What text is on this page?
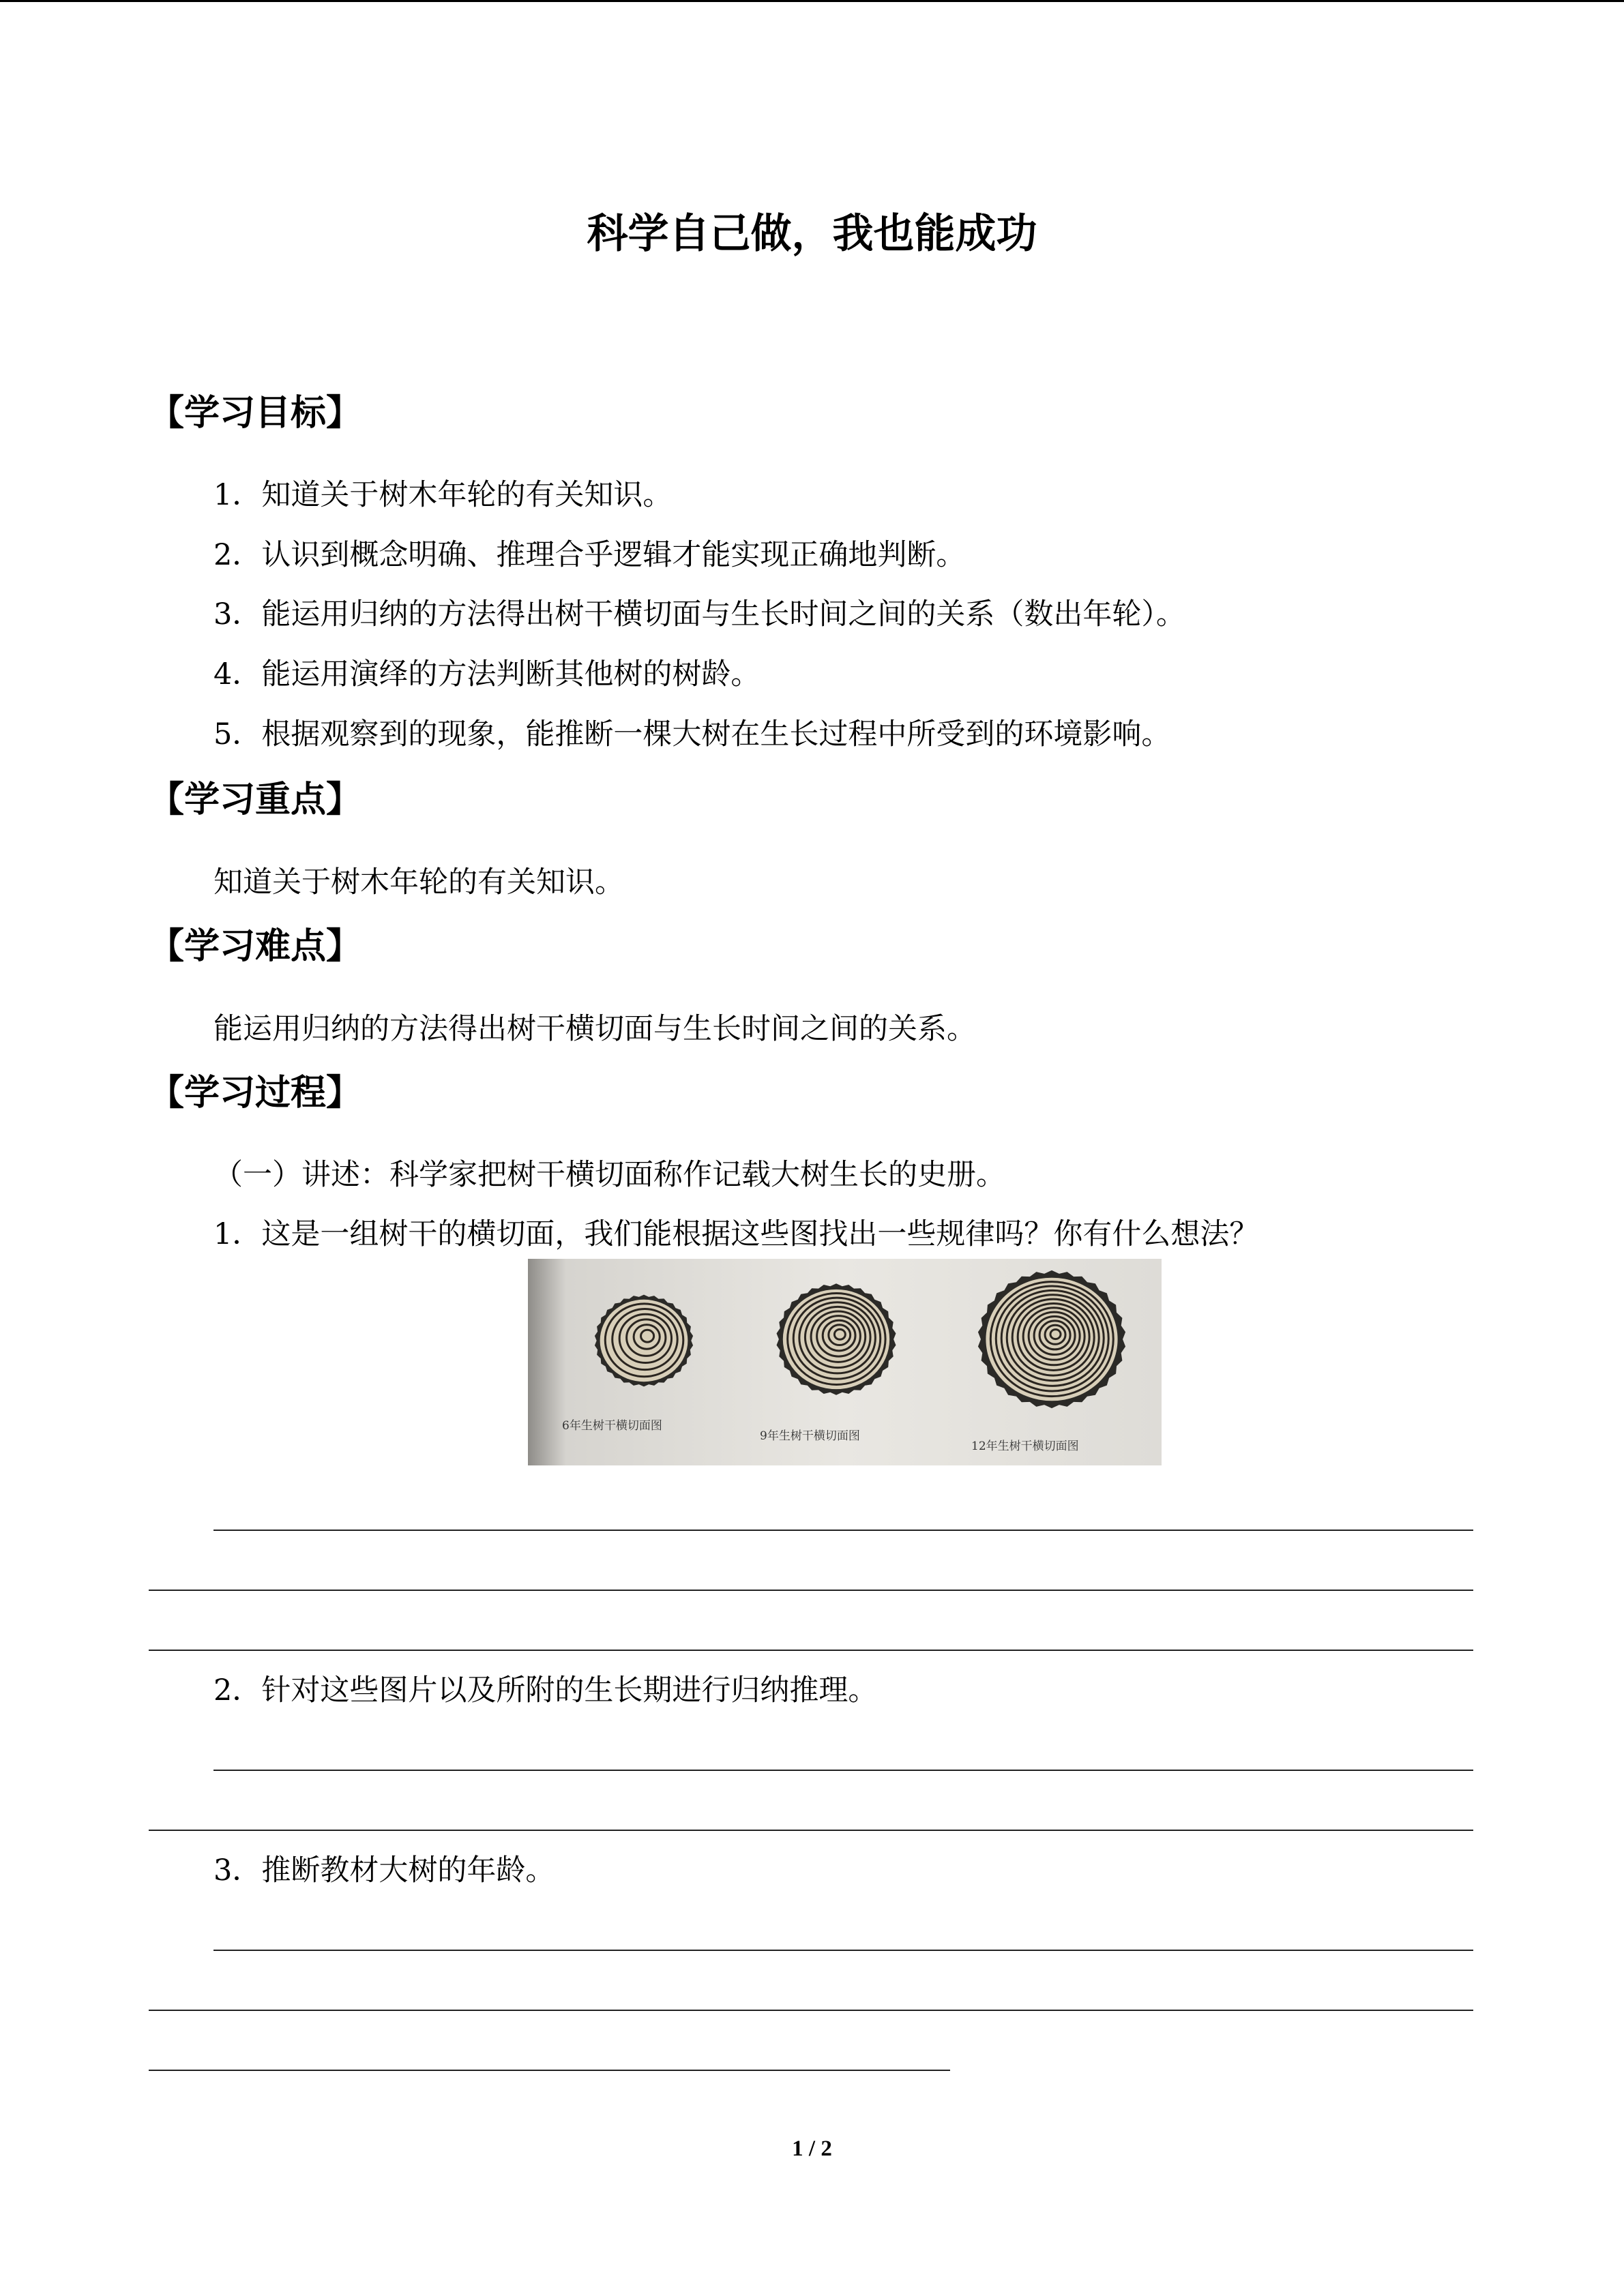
科学自己做，我也能成功
【学习目标】
1．知道关于树木年轮的有关知识。
2．认识到概念明确、推理合乎逻辑才能实现正确地判断。
3．能运用归纳的方法得出树干横切面与生长时间之间的关系（数出年轮）。
4．能运用演绎的方法判断其他树的树龄。
5．根据观察到的现象，能推断一棵大树在生长过程中所受到的环境影响。
【学习重点】
知道关于树木年轮的有关知识。
【学习难点】
能运用归纳的方法得出树干横切面与生长时间之间的关系。
【学习过程】
（一）讲述：科学家把树干横切面称作记载大树生长的史册。
1．这是一组树干的横切面，我们能根据这些图找出一些规律吗？你有什么想法？
6年生树干横切面图
9年生树干横切面图
12年生树干横切面图
2．针对这些图片以及所附的生长期进行归纳推理。
3．推断教材大树的年龄。
1 / 2
